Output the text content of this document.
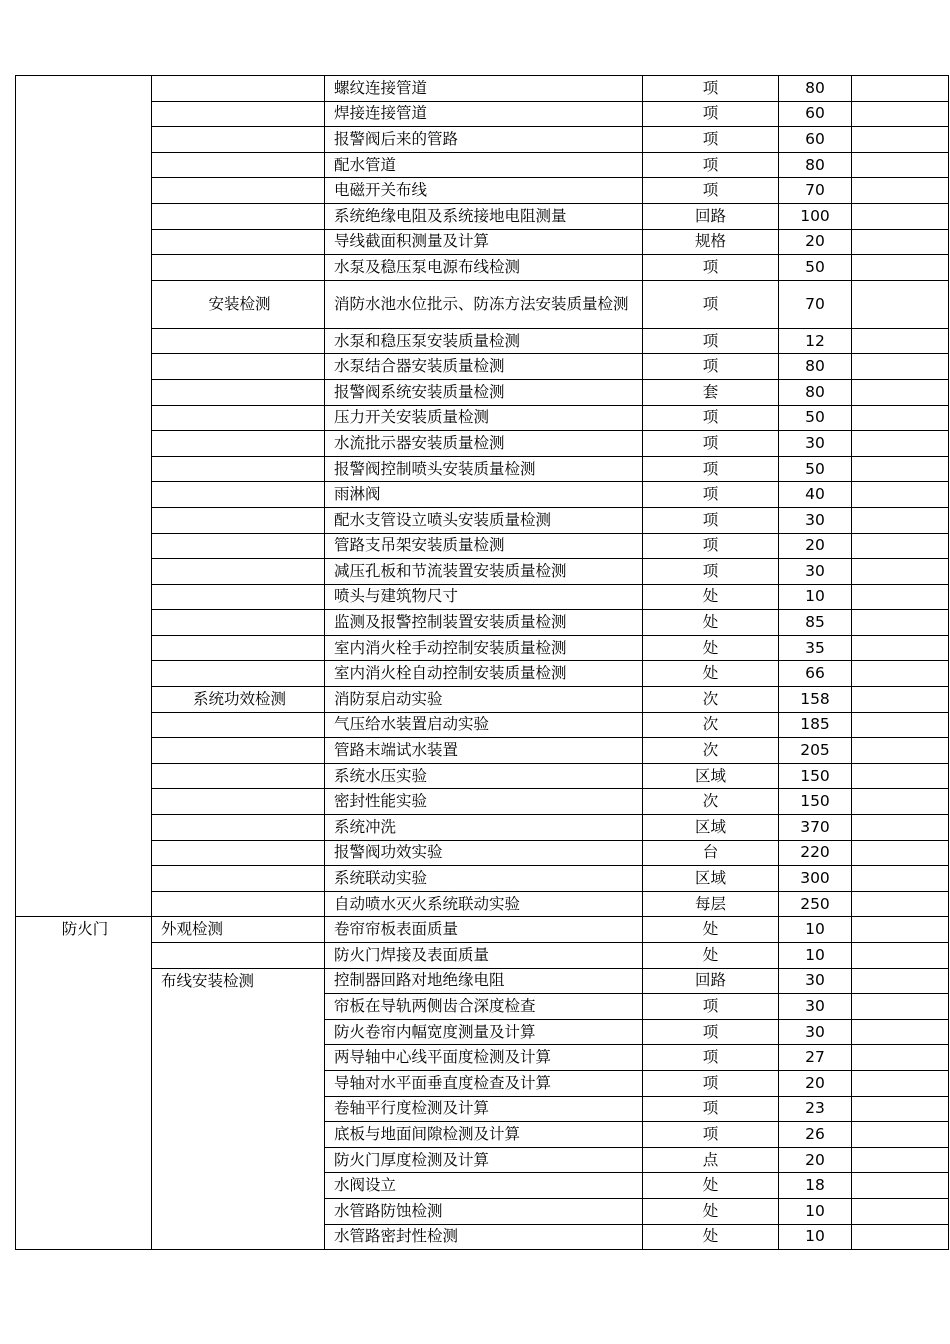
		螺纹连接管道	项	80	
		焊接连接管道	项	60	
		报警阀后来的管路	项	60	
		配水管道	项	80	
		电磁开关布线	项	70	
		系统绝缘电阻及系统接地电阻测量	回路	100	
		导线截面积测量及计算	规格	20	
		水泵及稳压泵电源布线检测	项	50	
	安装检测	消防水池水位批示、防冻方法安装质量检测	项	70	
		水泵和稳压泵安装质量检测	项	12	
		水泵结合器安装质量检测	项	80	
		报警阀系统安装质量检测	套	80	
		压力开关安装质量检测	项	50	
		水流批示器安装质量检测	项	30	
		报警阀控制喷头安装质量检测	项	50	
		雨淋阀	项	40	
		配水支管设立喷头安装质量检测	项	30	
		管路支吊架安装质量检测	项	20	
		减压孔板和节流装置安装质量检测	项	30	
		喷头与建筑物尺寸	处	10	
		监测及报警控制装置安装质量检测	处	85	
		室内消火栓手动控制安装质量检测	处	35	
		室内消火栓自动控制安装质量检测	处	66	
	系统功效检测	消防泵启动实验	次	158	
		气压给水装置启动实验	次	185	
		管路末端试水装置	次	205	
		系统水压实验	区域	150	
		密封性能实验	次	150	
		系统冲洗	区域	370	
		报警阀功效实验	台	220	
		系统联动实验	区域	300	
		自动喷水灭火系统联动实验	每层	250	
防火门	外观检测	卷帘帘板表面质量	处	10	
		防火门焊接及表面质量	处	10	
	布线安装检测	控制器回路对地绝缘电阻	回路	30	
		帘板在导轨两侧齿合深度检查	项	30	
		防火卷帘内幅宽度测量及计算	项	30	
		两导轴中心线平面度检测及计算	项	27	
		导轴对水平面垂直度检查及计算	项	20	
		卷轴平行度检测及计算	项	23	
		底板与地面间隙检测及计算	项	26	
		防火门厚度检测及计算	点	20	
		水阀设立	处	18	
		水管路防蚀检测	处	10	
		水管路密封性检测	处	10	
